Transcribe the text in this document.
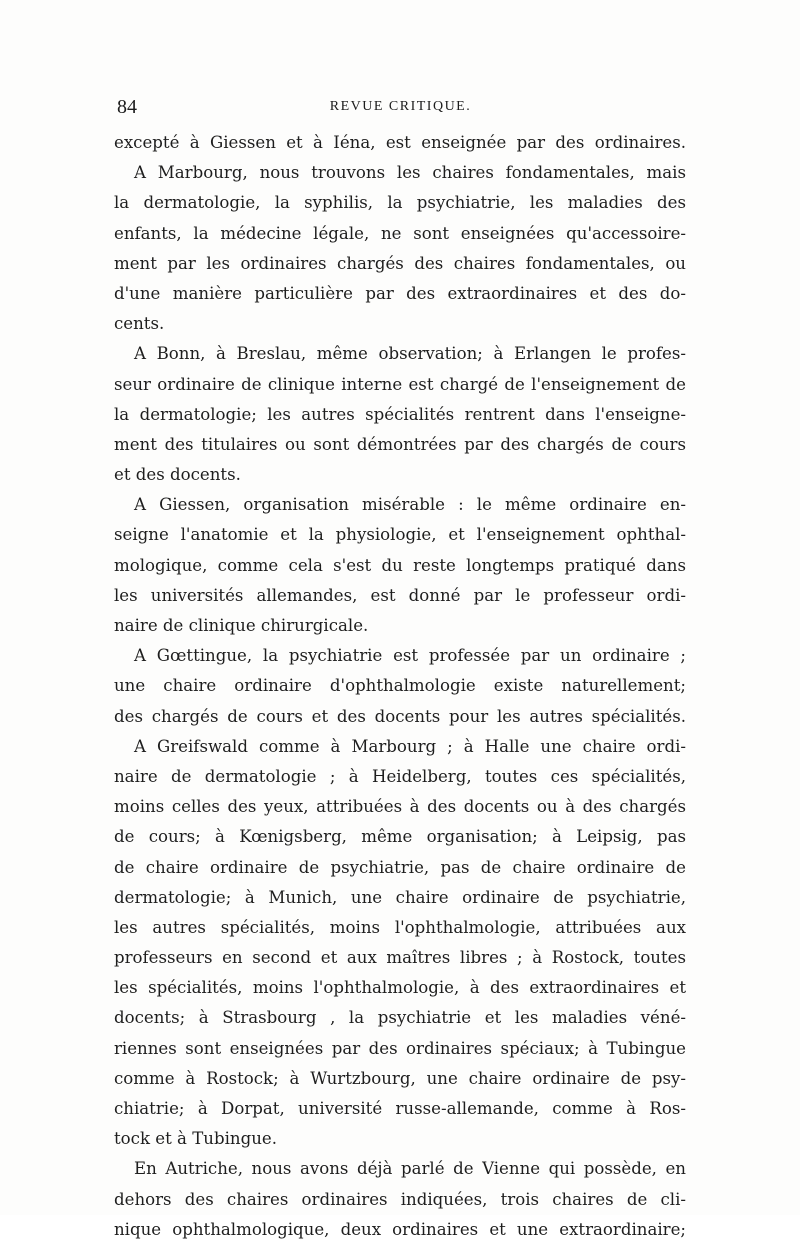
84	REVUE CRITIQUE.
excepté à Giessen et à Iéna, est enseignée par des ordinaires.
A Marbourg, nous trouvons les chaires fondamentales, mais
la dermatologie, la syphilis, la psychiatrie, les maladies des
enfants, la médecine légale, ne sont enseignées qu'accessoire-
ment par les ordinaires chargés des chaires fondamentales, ou
d'une manière particulière par des extraordinaires et des do-
cents.
A Bonn, à Breslau, même observation; à Erlangen le profes-
seur ordinaire de clinique interne est chargé de l'enseignement de
la dermatologie; les autres spécialités rentrent dans l'enseigne-
ment des titulaires ou sont démontrées par des chargés de cours
et des docents.
A Giessen, organisation misérable : le même ordinaire en-
seigne l'anatomie et la physiologie, et l'enseignement ophthal-
mologique, comme cela s'est du reste longtemps pratiqué dans
les universités allemandes, est donné par le professeur ordi-
naire de clinique chirurgicale.
A Gœttingue, la psychiatrie est professée par un ordinaire ;
une chaire ordinaire d'ophthalmologie existe naturellement;
des chargés de cours et des docents pour les autres spécialités.
A Greifswald comme à Marbourg ; à Halle une chaire ordi-
naire de dermatologie ; à Heidelberg, toutes ces spécialités,
moins celles des yeux, attribuées à des docents ou à des chargés
de cours; à Kœnigsberg, même organisation; à Leipsig, pas
de chaire ordinaire de psychiatrie, pas de chaire ordinaire de
dermatologie; à Munich, une chaire ordinaire de psychiatrie,
les autres spécialités, moins l'ophthalmologie, attribuées aux
professeurs en second et aux maîtres libres ; à Rostock, toutes
les spécialités, moins l'ophthalmologie, à des extraordinaires et
docents; à Strasbourg , la psychiatrie et les maladies véné-
riennes sont enseignées par des ordinaires spéciaux; à Tubingue
comme à Rostock; à Wurtzbourg, une chaire ordinaire de psy-
chiatrie; à Dorpat, université russe-allemande, comme à Ros-
tock et à Tubingue.
En Autriche, nous avons déjà parlé de Vienne qui possède, en
dehors des chaires ordinaires indiquées, trois chaires de cli-
nique ophthalmologique, deux ordinaires et une extraordinaire;
